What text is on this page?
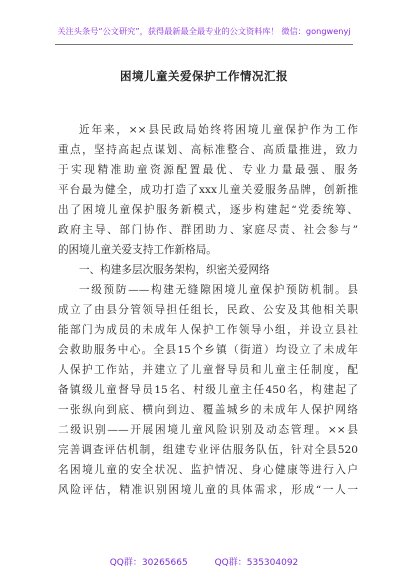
关注头条号“公文研究”，获得最新最全最专业的公文资料库！ 微信：gongwenyj
困境儿童关爱保护工作情况汇报
近年来，××县民政局始终将困境儿童保护作为工作
重点，坚持高起点谋划、高标准整合、高质量推进，致力
于实现精准助童资源配置最优、专业力量最强、服务
平台最为健全，成功打造了xxx儿童关爱服务品牌，创新推
出了困境儿童保护服务新模式，逐步构建起“党委统筹、
政府主导、部门协作、群团助力、家庭尽责、社会参与”
的困境儿童关爱支持工作新格局。
一、构建多层次服务架构，织密关爱网络
一级预防——构建无缝隙困境儿童保护预防机制。县
成立了由县分管领导担任组长，民政、公安及其他相关职
能部门为成员的未成年人保护工作领导小组，并设立县社
会救助服务中心。全县15个乡镇（街道）均设立了未成年
人保护工作站，并建立了儿童督导员和儿童主任制度，配
备镇级儿童督导员15名、村级儿童主任450名，构建起了
一张纵向到底、横向到边、覆盖城乡的未成年人保护网络
二级识别——开展困境儿童风险识别及动态管理。××县
完善调查评估机制，组建专业评估服务队伍，针对全县520
名困境儿童的安全状况、监护情况、身心健康等进行入户
风险评估，精准识别困境儿童的具体需求，形成“一人一
QQ群：30265665	QQ群：535304092
